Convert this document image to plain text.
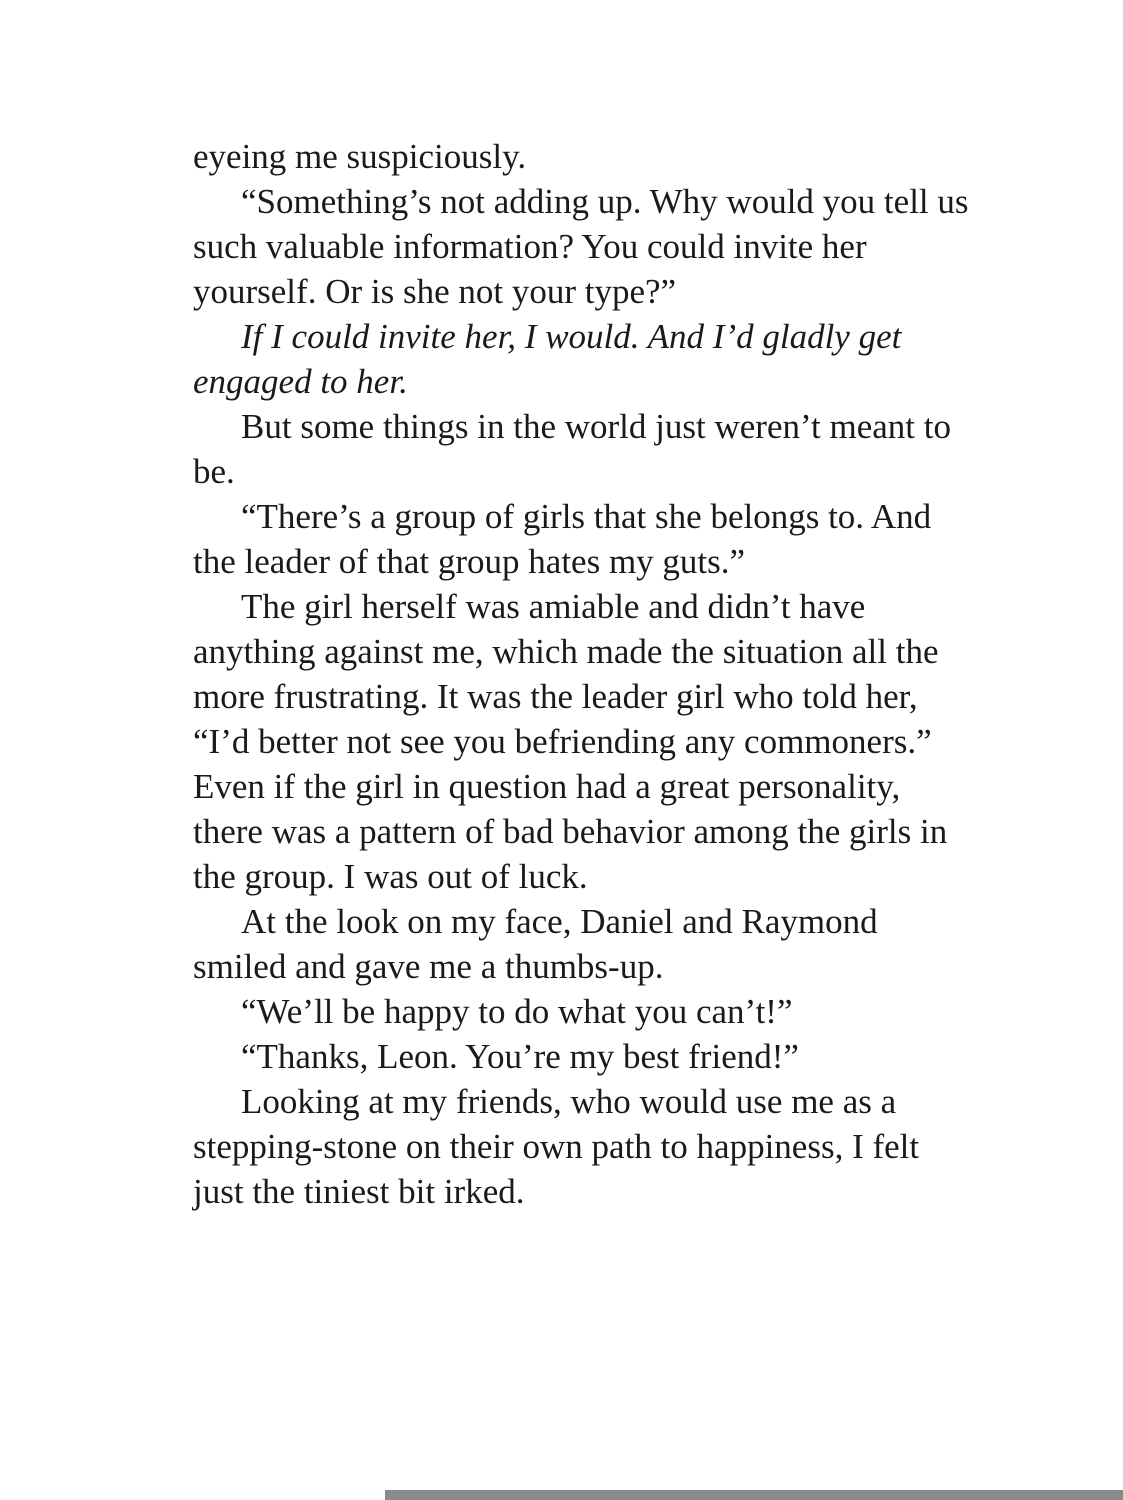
eyeing me suspiciously.

“Something’s not adding up. Why would you tell us such valuable information? You could invite her yourself. Or is she not your type?”

If I could invite her, I would. And I’d gladly get engaged to her.

But some things in the world just weren’t meant to be.

“There’s a group of girls that she belongs to. And the leader of that group hates my guts.”

The girl herself was amiable and didn’t have anything against me, which made the situation all the more frustrating. It was the leader girl who told her, “I’d better not see you befriending any commoners.” Even if the girl in question had a great personality, there was a pattern of bad behavior among the girls in the group. I was out of luck.

At the look on my face, Daniel and Raymond smiled and gave me a thumbs-up.

“We’ll be happy to do what you can’t!”

“Thanks, Leon. You’re my best friend!”

Looking at my friends, who would use me as a stepping-stone on their own path to happiness, I felt just the tiniest bit irked.
